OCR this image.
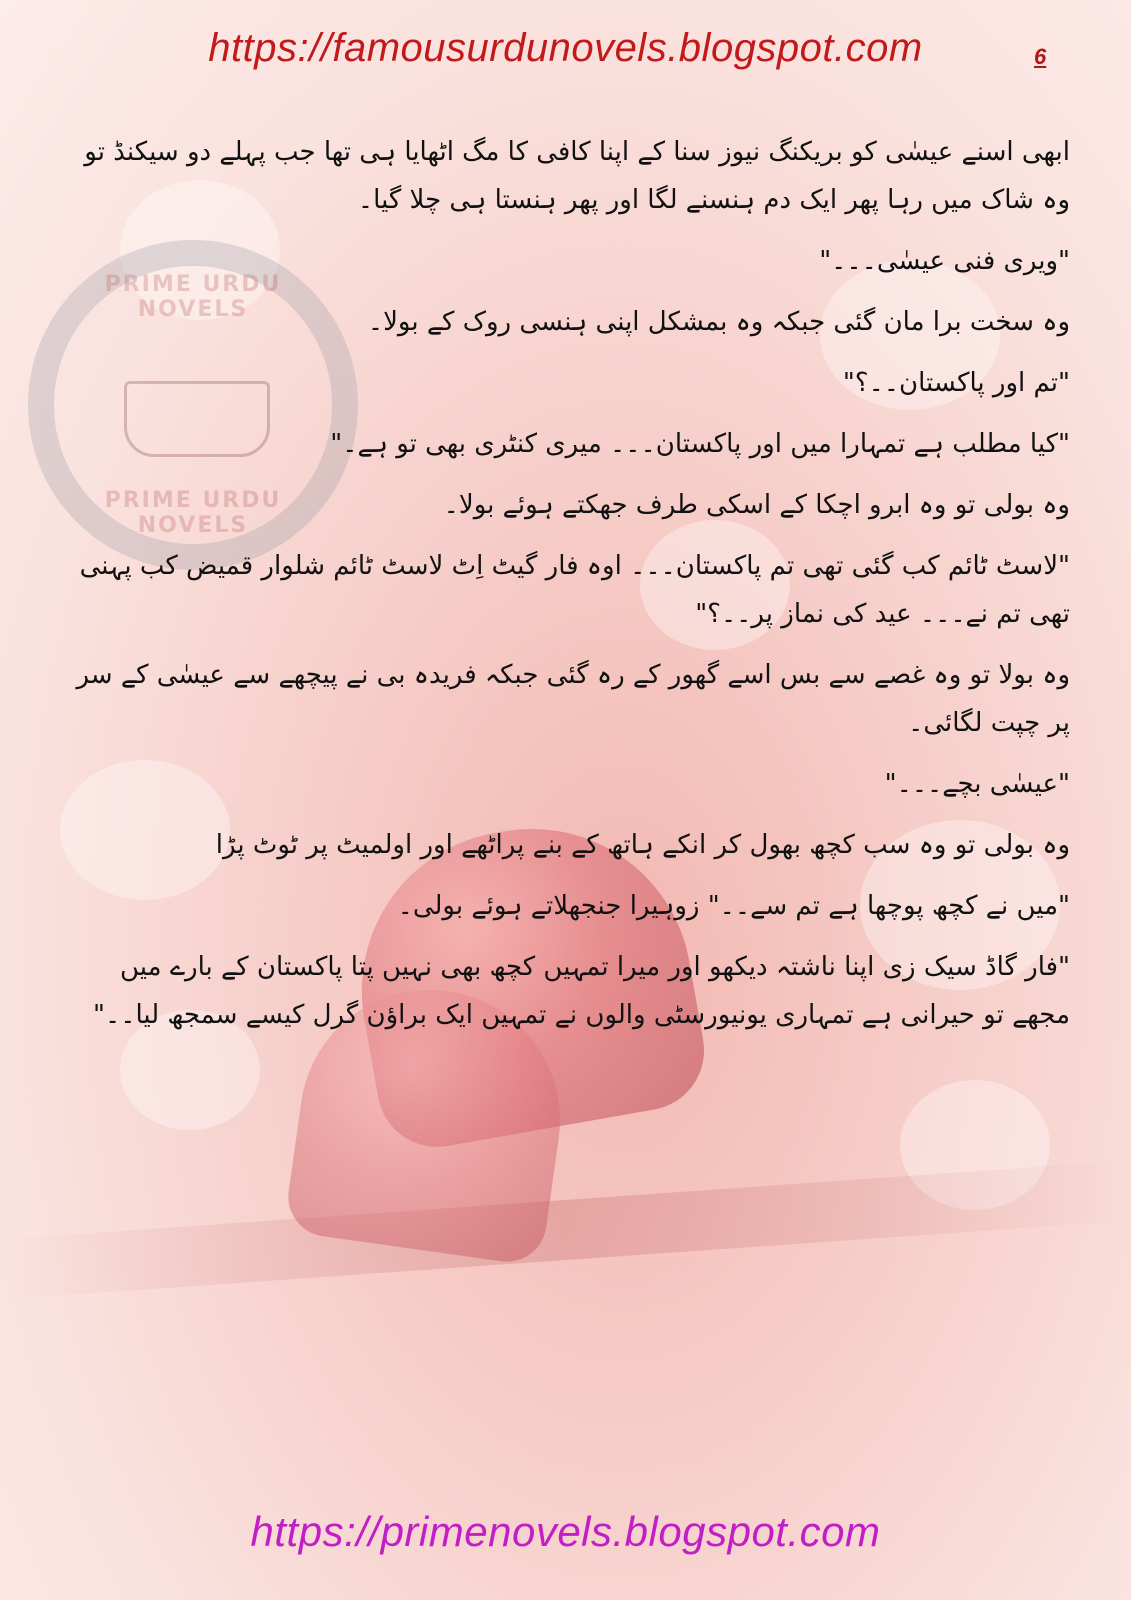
PRIME URDU NOVELS
PRIME URDU NOVELS
https://famousurdunovels.blogspot.com	6

ابھی اسنے عیسٰی کو بریکنگ نیوز سنا کے اپنا کافی کا مگ اٹھایا ہی تھا جب پہلے دو سیکنڈ تو وہ شاک میں رہا پھر ایک دم ہنسنے لگا اور پھر ہنستا ہی چلا گیا۔

"ویری فنی عیسٰی۔۔۔"

وہ سخت برا مان گئی جبکہ وہ بمشکل اپنی ہنسی روک کے بولا۔

"تم اور پاکستان۔۔؟"

"کیا مطلب ہے تمہارا میں اور پاکستان۔۔۔ میری کنٹری بھی تو ہے۔"

وہ بولی تو وہ ابرو اچکا کے اسکی طرف جھکتے ہوئے بولا۔

"لاسٹ ٹائم کب گئی تھی تم پاکستان۔۔۔ اوہ فار گیٹ اِٹ لاسٹ ٹائم شلوار قمیض کب پہنی تھی تم نے۔۔۔ عید کی نماز پر۔۔؟"

وہ بولا تو وہ غصے سے بس اسے گھور کے رہ گئی جبکہ فریدہ بی نے پیچھے سے عیسٰی کے سر پر چپت لگائی۔

"عیسٰی بچے۔۔۔"

وہ بولی تو وہ سب کچھ بھول کر انکے ہاتھ کے بنے پراٹھے اور اولمیٹ پر ٹوٹ پڑا

"میں نے کچھ پوچھا ہے تم سے۔۔" زوہیرا جنجھلاتے ہوئے بولی۔

"فار گاڈ سیک زی اپنا ناشتہ دیکھو اور میرا تمہیں کچھ بھی نہیں پتا پاکستان کے بارے میں مجھے تو حیرانی ہے تمہاری یونیورسٹی والوں نے تمہیں ایک براؤن گرل کیسے سمجھ لیا۔۔"

https://primenovels.blogspot.com
